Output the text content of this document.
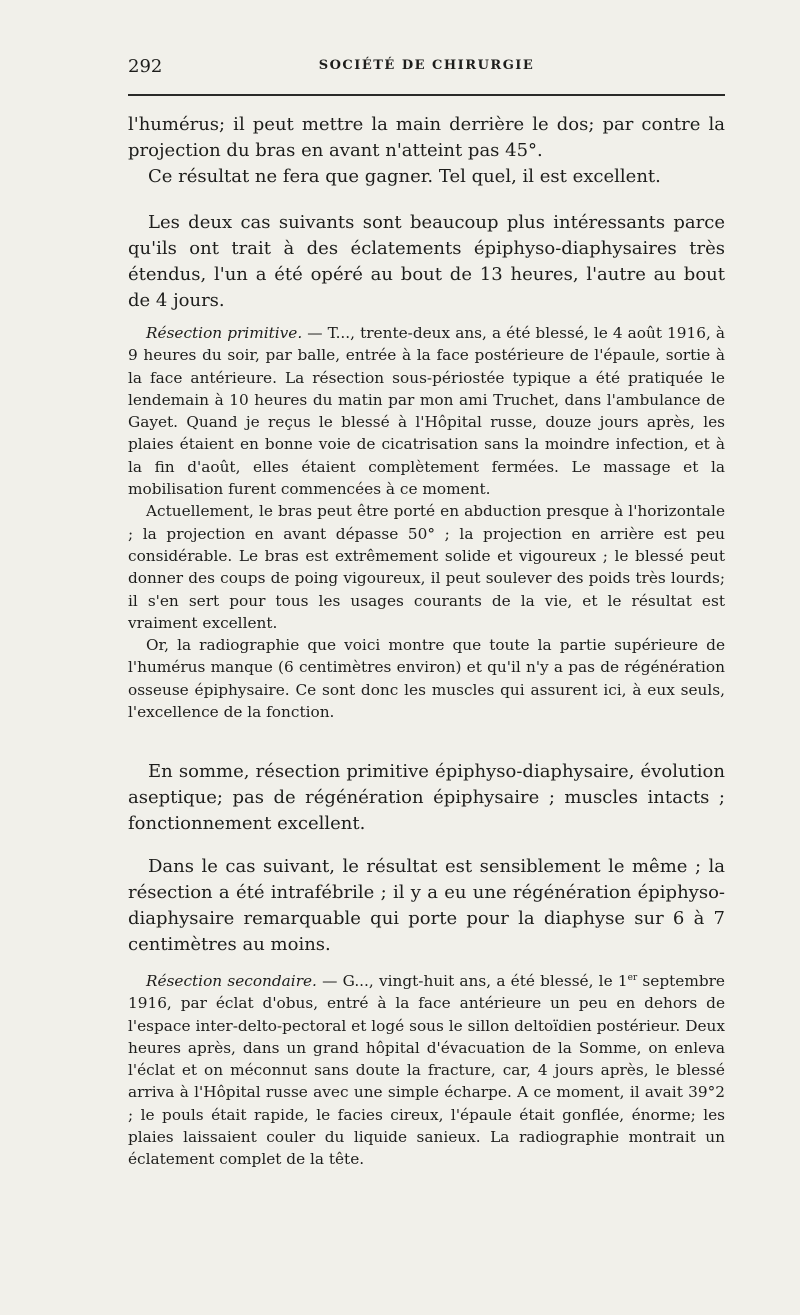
292	SOCIÉTÉ DE CHIRURGIE

l'humérus; il peut mettre la main derrière le dos; par contre la projection du bras en avant n'atteint pas 45°.

Ce résultat ne fera que gagner. Tel quel, il est excellent.

Les deux cas suivants sont beaucoup plus intéressants parce qu'ils ont trait à des éclatements épiphyso-diaphysaires très étendus, l'un a été opéré au bout de 13 heures, l'autre au bout de 4 jours.

Résection primitive. — T..., trente-deux ans, a été blessé, le 4 août 1916, à 9 heures du soir, par balle, entrée à la face postérieure de l'épaule, sortie à la face antérieure. La résection sous-périostée typique a été pratiquée le lendemain à 10 heures du matin par mon ami Truchet, dans l'ambulance de Gayet. Quand je reçus le blessé à l'Hôpital russe, douze jours après, les plaies étaient en bonne voie de cicatrisation sans la moindre infection, et à la fin d'août, elles étaient complètement fermées. Le massage et la mobilisation furent commencées à ce moment.

Actuellement, le bras peut être porté en abduction presque à l'horizontale ; la projection en avant dépasse 50° ; la projection en arrière est peu considérable. Le bras est extrêmement solide et vigoureux ; le blessé peut donner des coups de poing vigoureux, il peut soulever des poids très lourds; il s'en sert pour tous les usages courants de la vie, et le résultat est vraiment excellent.

Or, la radiographie que voici montre que toute la partie supérieure de l'humérus manque (6 centimètres environ) et qu'il n'y a pas de régénération osseuse épiphysaire. Ce sont donc les muscles qui assurent ici, à eux seuls, l'excellence de la fonction.

En somme, résection primitive épiphyso-diaphysaire, évolution aseptique; pas de régénération épiphysaire ; muscles intacts ; fonctionnement excellent.

Dans le cas suivant, le résultat est sensiblement le même ; la résection a été intrafébrile ; il y a eu une régénération épiphyso-diaphysaire remarquable qui porte pour la diaphyse sur 6 à 7 centimètres au moins.

Résection secondaire. — G..., vingt-huit ans, a été blessé, le 1er septembre 1916, par éclat d'obus, entré à la face antérieure un peu en dehors de l'espace inter-delto-pectoral et logé sous le sillon deltoïdien postérieur. Deux heures après, dans un grand hôpital d'évacuation de la Somme, on enleva l'éclat et on méconnut sans doute la fracture, car, 4 jours après, le blessé arriva à l'Hôpital russe avec une simple écharpe. A ce moment, il avait 39°2 ; le pouls était rapide, le facies cireux, l'épaule était gonflée, énorme; les plaies laissaient couler du liquide sanieux. La radiographie montrait un éclatement complet de la tête.
